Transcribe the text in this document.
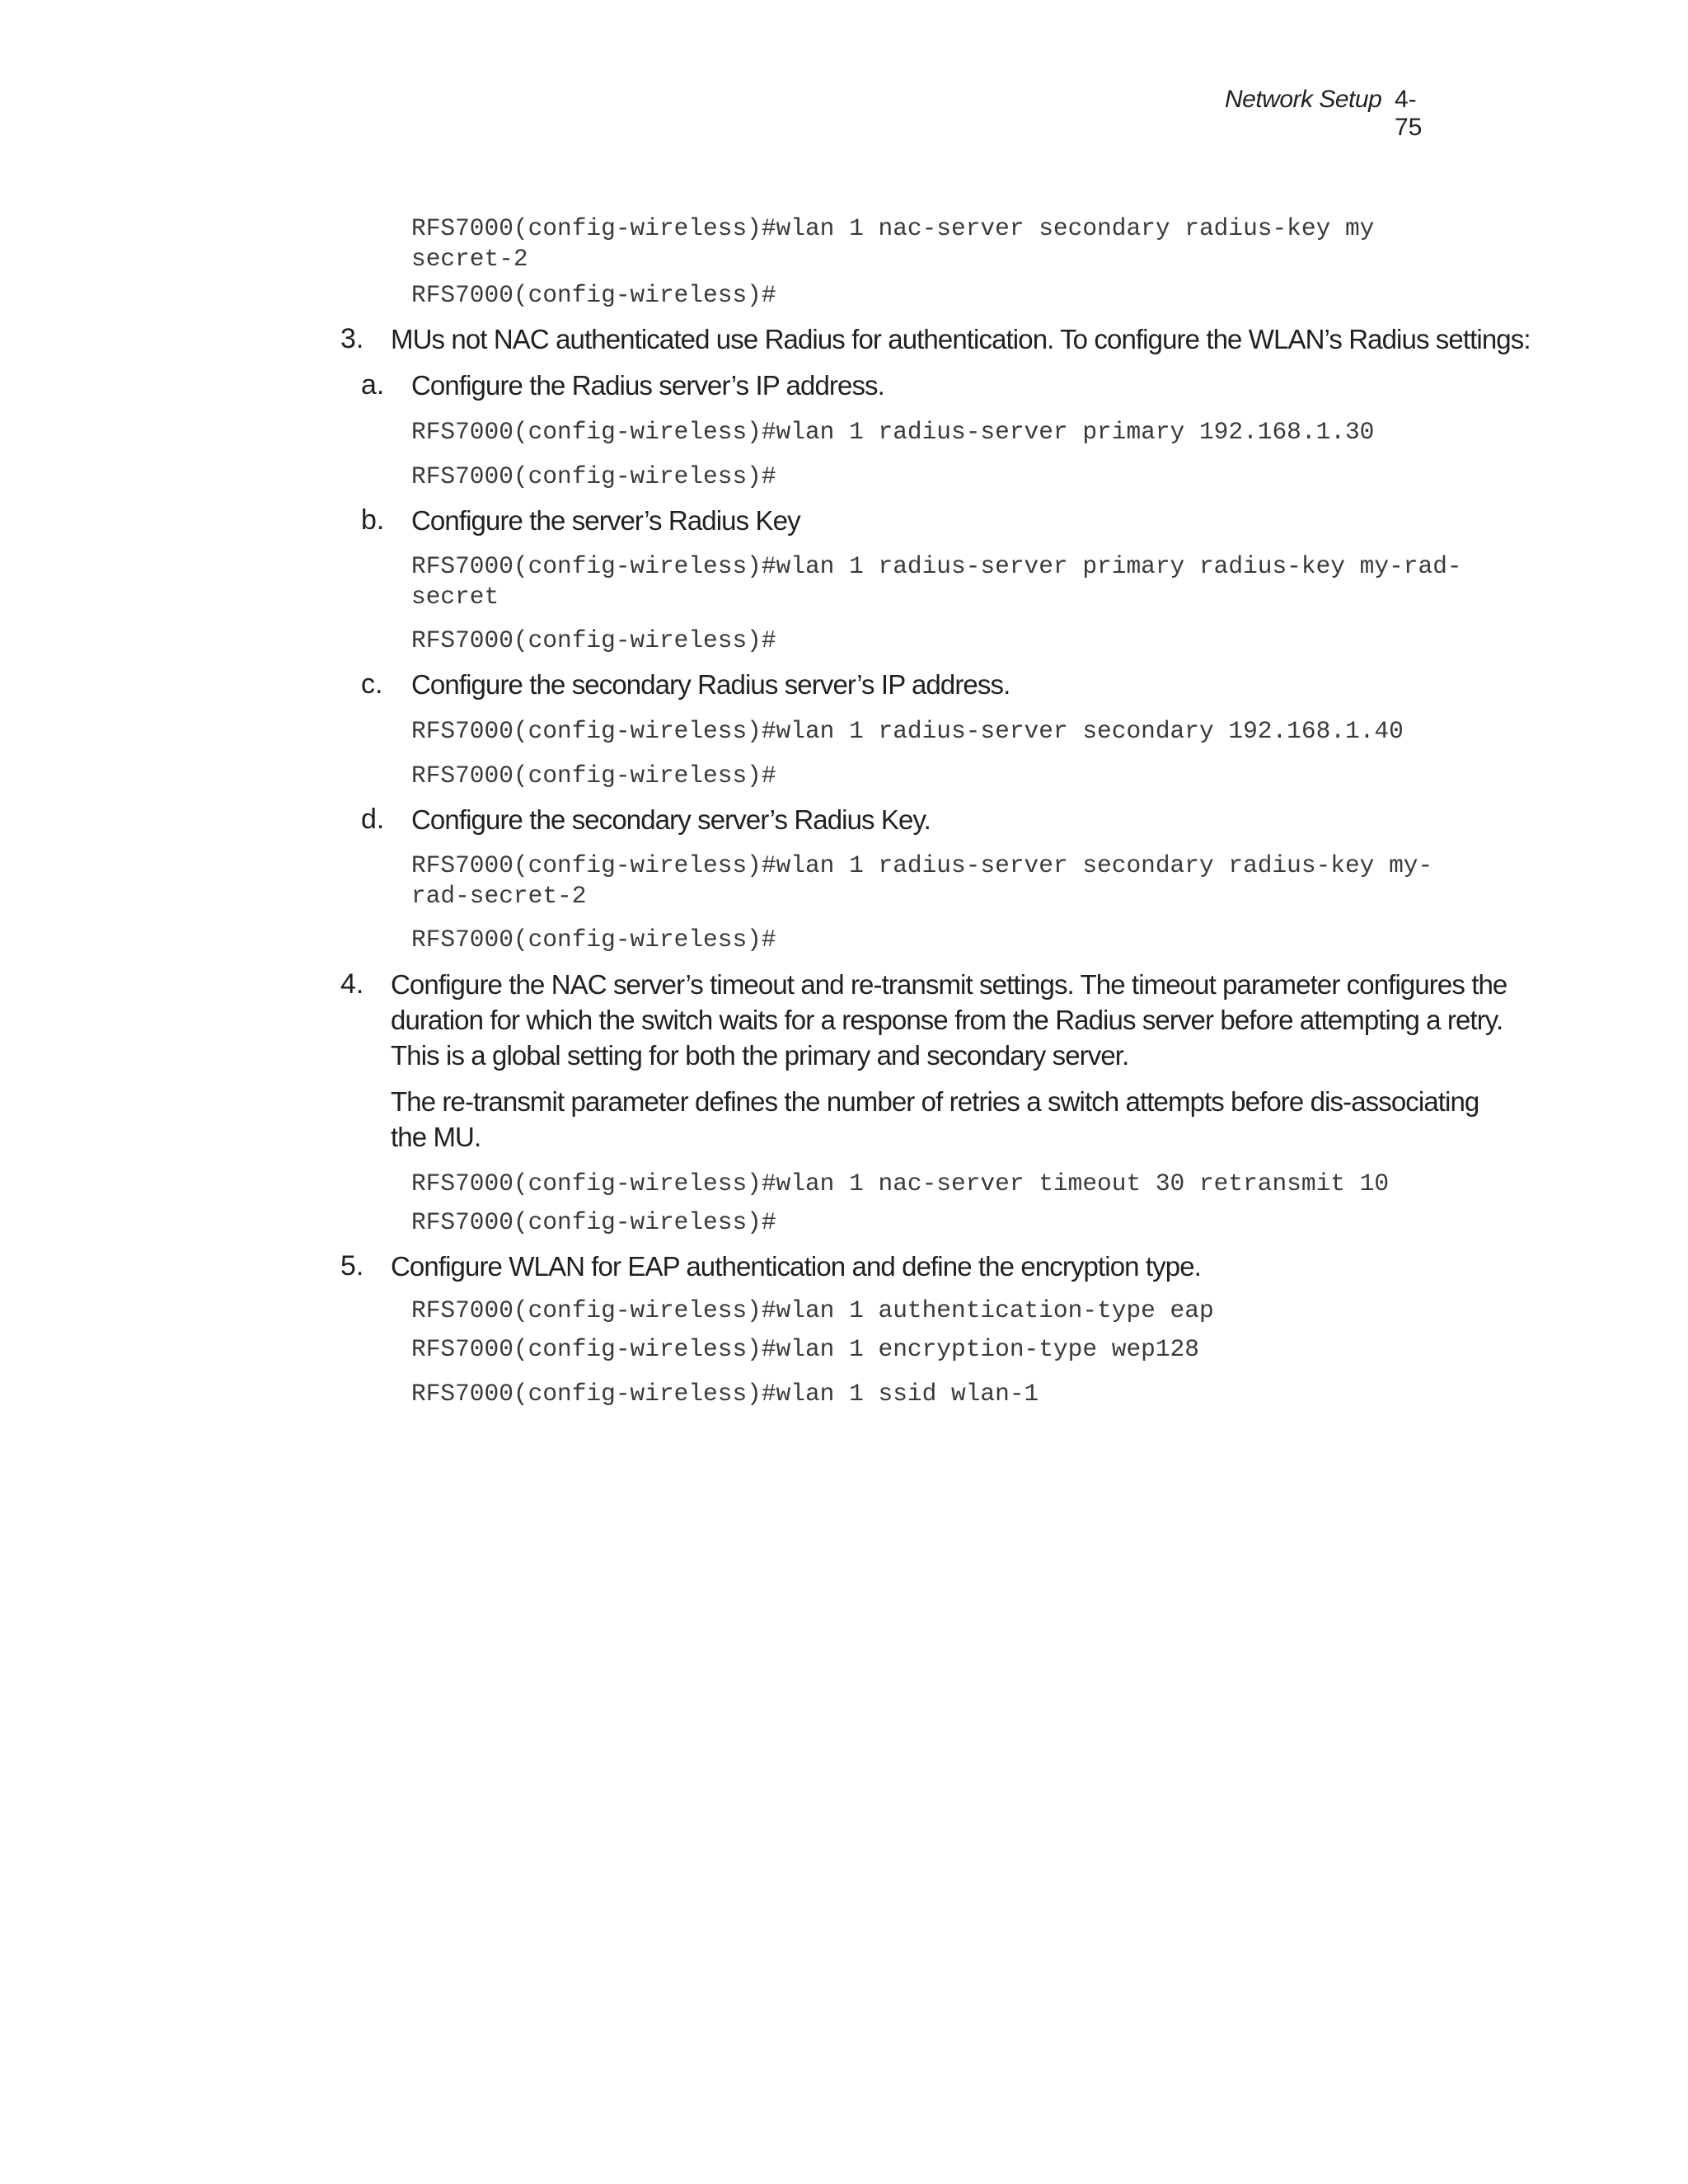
Network Setup 4-75
RFS7000(config-wireless)#wlan 1 nac-server secondary radius-key my
secret-2
RFS7000(config-wireless)#
3. MUs not NAC authenticated use Radius for authentication. To configure the WLAN’s Radius settings:

a. Configure the Radius server’s IP address.

RFS7000(config-wireless)#wlan 1 radius-server primary 192.168.1.30
RFS7000(config-wireless)#
b. Configure the server’s Radius Key

RFS7000(config-wireless)#wlan 1 radius-server primary radius-key my-rad-
secret
RFS7000(config-wireless)#
c. Configure the secondary Radius server’s IP address.

RFS7000(config-wireless)#wlan 1 radius-server secondary 192.168.1.40
RFS7000(config-wireless)#
d. Configure the secondary server’s Radius Key.

RFS7000(config-wireless)#wlan 1 radius-server secondary radius-key my-
rad-secret-2
RFS7000(config-wireless)#
4. Configure the NAC server’s timeout and re-transmit settings. The timeout parameter configures the

duration for which the switch waits for a response from the Radius server before attempting a retry.

This is a global setting for both the primary and secondary server.

The re-transmit parameter defines the number of retries a switch attempts before dis-associating

the MU.

RFS7000(config-wireless)#wlan 1 nac-server timeout 30 retransmit 10
RFS7000(config-wireless)#
5. Configure WLAN for EAP authentication and define the encryption type.

RFS7000(config-wireless)#wlan 1 authentication-type eap
RFS7000(config-wireless)#wlan 1 encryption-type wep128
RFS7000(config-wireless)#wlan 1 ssid wlan-1
